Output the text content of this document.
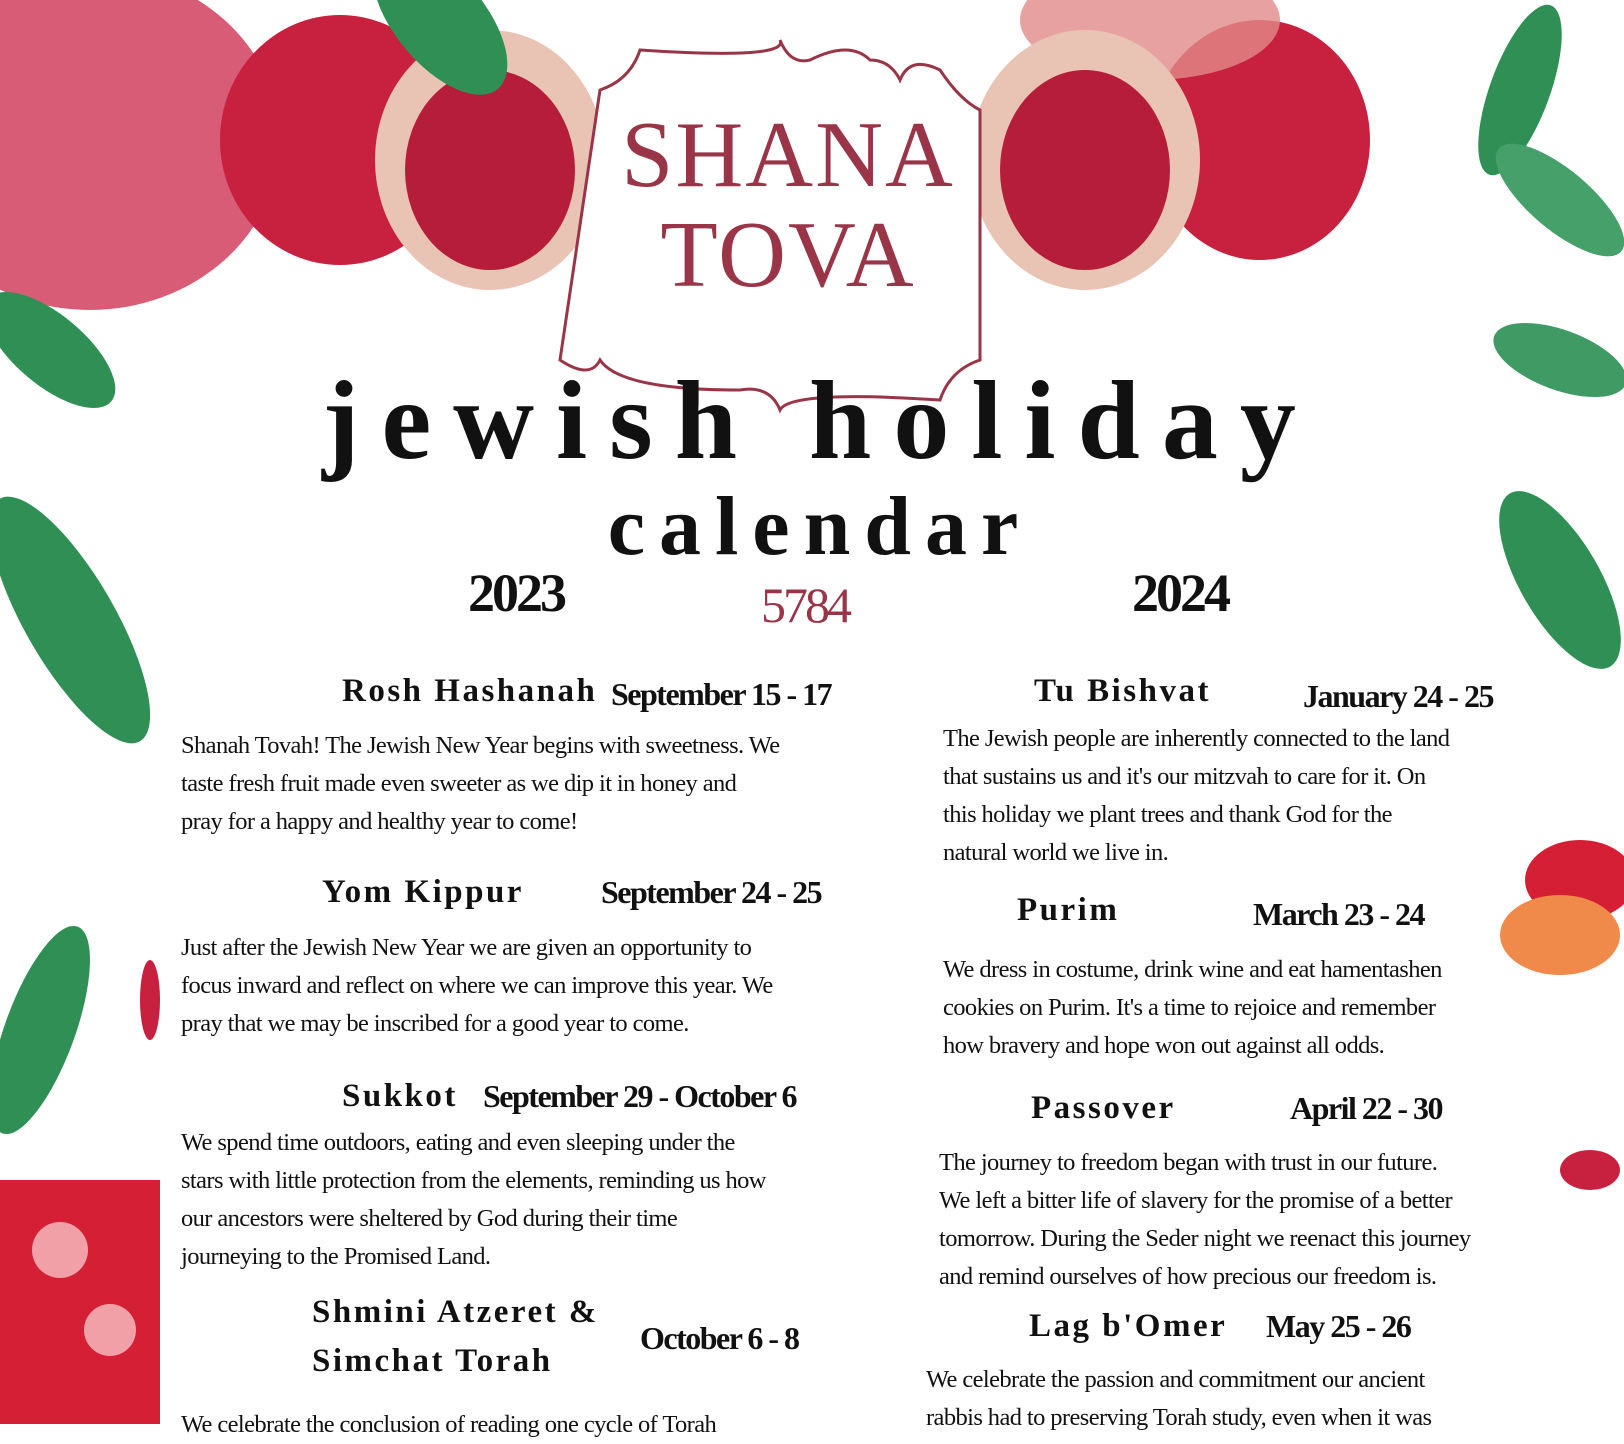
SHANA
TOVA
jewish holiday
calendar
2023	5784	2024
Rosh Hashanah September 15 - 17
Shanah Tovah! The Jewish New Year begins with sweetness. We
taste fresh fruit made even sweeter as we dip it in honey and
pray for a happy and healthy year to come!
Yom Kippur September 24 - 25
Just after the Jewish New Year we are given an opportunity to
focus inward and reflect on where we can improve this year. We
pray that we may be inscribed for a good year to come.
Sukkot September 29 - October 6
We spend time outdoors, eating and even sleeping under the
stars with little protection from the elements, reminding us how
our ancestors were sheltered by God during their time
journeying to the Promised Land.
Shmini Atzeret &
Simchat Torah
October 6 - 8
We celebrate the conclusion of reading one cycle of Torah
Tu Bishvat	January 24 - 25
The Jewish people are inherently connected to the land
that sustains us and it's our mitzvah to care for it. On
this holiday we plant trees and thank God for the
natural world we live in.
Purim	March 23 - 24
We dress in costume, drink wine and eat hamentashen
cookies on Purim. It's a time to rejoice and remember
how bravery and hope won out against all odds.
Passover	April 22 - 30
The journey to freedom began with trust in our future.
We left a bitter life of slavery for the promise of a better
tomorrow. During the Seder night we reenact this journey
and remind ourselves of how precious our freedom is.
Lag b'Omer May 25 - 26
We celebrate the passion and commitment our ancient
rabbis had to preserving Torah study, even when it was
